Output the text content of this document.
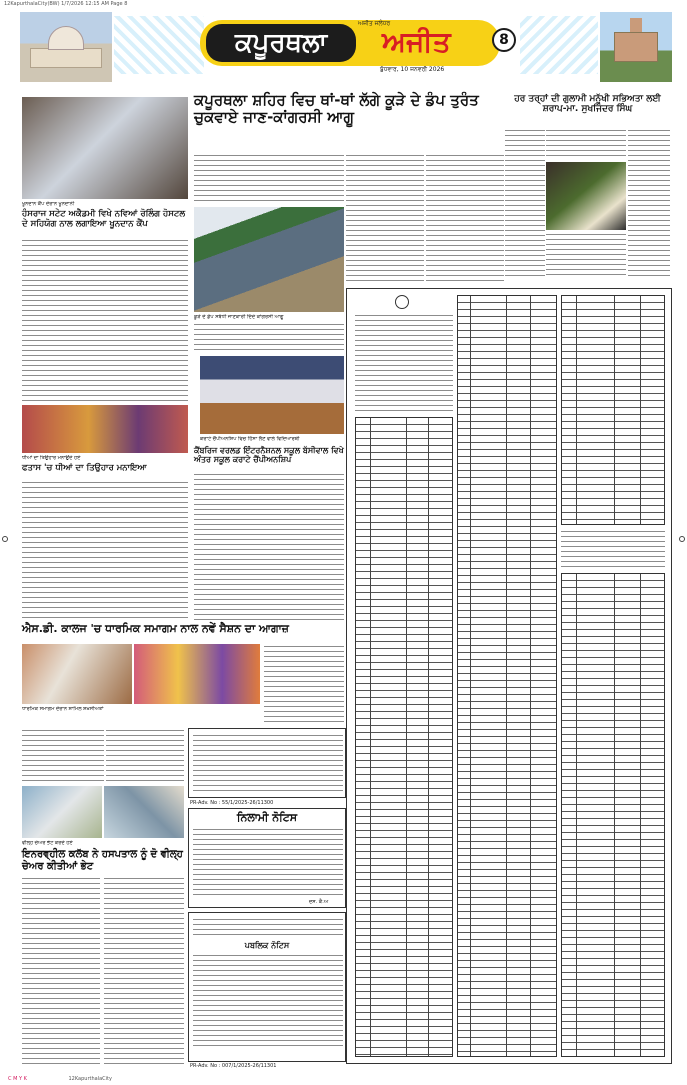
12KapurthalaCity(BW) 1/7/2026 12:15 AM Page 8
ਕਪੂਰਥਲਾ
ਅਜੀਤ ਜਲੰਧਰ
ਅਜੀਤ
ਬੁੱਧਵਾਰ, 10 ਜਨਵਰੀ 2026
8
ਕਪੂਰਥਲਾ ਸ਼ਹਿਰ ਵਿਚ ਥਾਂ-ਥਾਂ ਲੱਗੇ ਕੂੜੇ ਦੇ ਡੰਪ ਤੁਰੰਤ ਚੁਕਵਾਏ ਜਾਣ-ਕਾਂਗਰਸੀ ਆਗੂ
ਹਰ ਤਰ੍ਹਾਂ ਦੀ ਗੁਲਾਮੀ ਮਨੁੱਖੀ ਸਭਿਅਤਾ ਲਈ ਸ਼ਰਾਪ-ਮਾ. ਸੁਖਜਿੰਦਰ ਸਿੰਘ
ਖੂਨਦਾਨ ਕੈਂਪ ਦੌਰਾਨ ਖੂਨਦਾਨੀ
ਹੰਸਰਾਜ ਸਟੇਟ ਅਕੈਡਮੀ ਵਿਖੇ ਨਵਿਆਂ ਰੋਲਿੰਗ ਹੋਸਟਲ ਦੇ ਸਹਿਯੋਗ ਨਾਲ ਲਗਾਇਆ ਖੂਨਦਾਨ ਕੈਂਪ
ਧੀਆਂ ਦਾ ਤਿਉਹਾਰ ਮਨਾਉਂਦੇ ਹੋਏ
ਫਤਾਸ 'ਚ ਧੀਆਂ ਦਾ ਤਿਉਹਾਰ ਮਨਾਇਆ
ਕੂੜੇ ਦੇ ਡੰਪ ਸਬੰਧੀ ਜਾਣਕਾਰੀ ਦਿੰਦੇ ਕਾਂਗਰਸੀ ਆਗੂ
ਕਰਾਟੇ ਚੈਂਪੀਅਨਸ਼ਿਪ ਵਿਚ ਹਿੱਸਾ ਲੈਣ ਵਾਲੇ ਵਿਦਿਆਰਥੀ
ਕੈਂਬਰਿਜ ਵਰਲਡ ਇੰਟਰਨੈਸ਼ਨਲ ਸਕੂਲ ਬੱਸੀਵਾਲ ਵਿਖੇ ਅੰਤਰ ਸਕੂਲ ਕਰਾਟੇ ਚੈਂਪੀਅਨਸ਼ਿਪ
ਐਸ.ਡੀ. ਕਾਲਜ 'ਚ ਧਾਰਮਿਕ ਸਮਾਗਮ ਨਾਲ ਨਵੇਂ ਸੈਸ਼ਨ ਦਾ ਆਗਾਜ਼
ਧਾਰਮਿਕ ਸਮਾਗਮ ਦੌਰਾਨ ਸ਼ਾਮਿਲ ਸ਼ਖ਼ਸੀਅਤਾਂ
ਵੀਲ੍ਹ ਚੇਅਰ ਭੇਟ ਕਰਦੇ ਹੋਏ
ਇਨਰਵ੍ਹੀਲ ਕਲੱਬ ਨੇ ਹਸਪਤਾਲ ਨੂੰ ਦੋ ਵੀਲ੍ਹ ਚੇਅਰ ਕੀਤੀਆਂ ਭੇਟ
PR-Adv. No : 55/1/2025-26/11300
ਨਿਲਾਮੀ ਨੋਟਿਸ
ਦਸ. ਕੈ.ਅ
ਪਬਲਿਕ ਨੋਟਿਸ
PR-Adv. No : 007/1/2025-26/11301
C M Y K	12KapurthalaCity
